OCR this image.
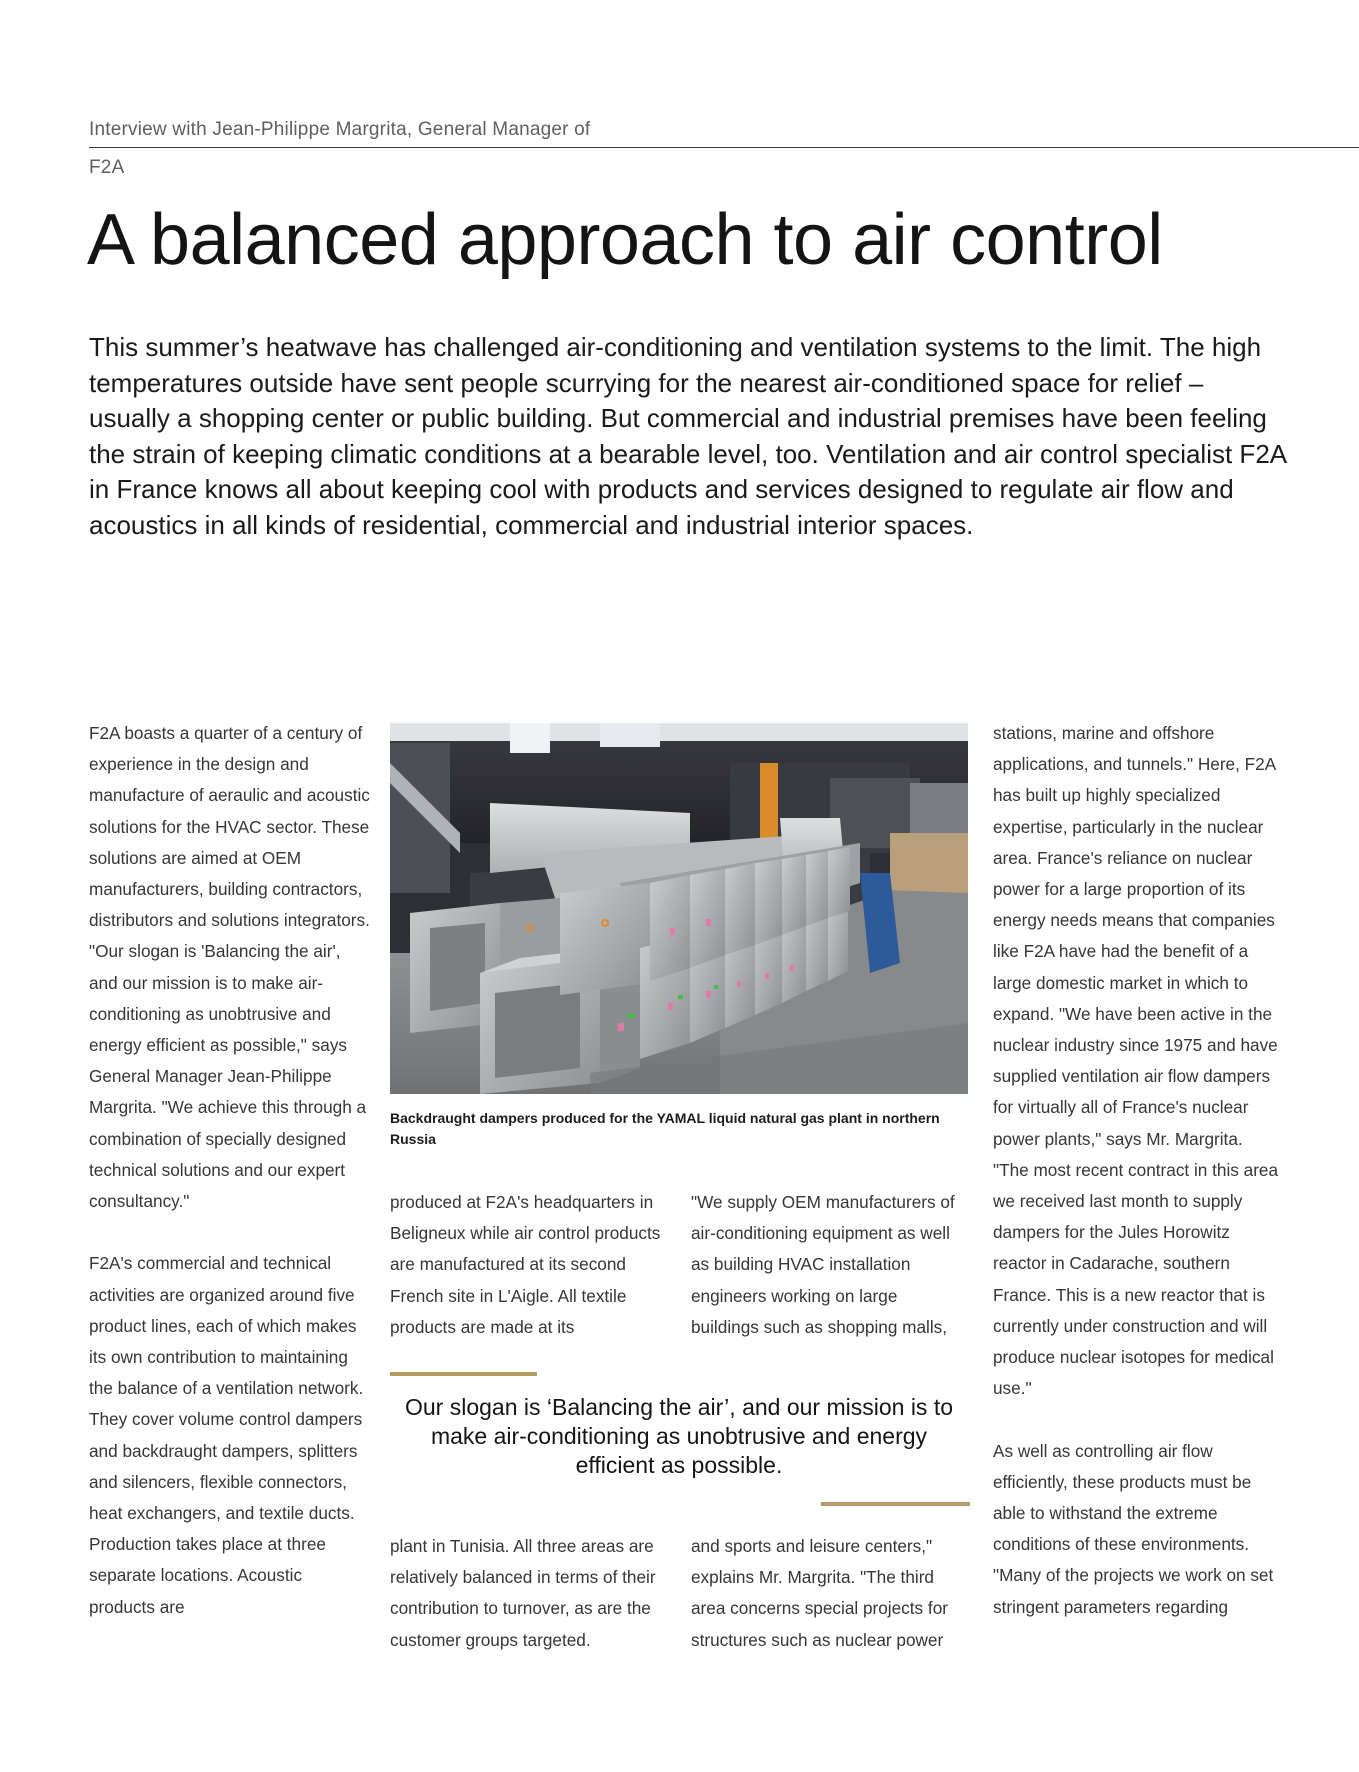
Interview with Jean-Philippe Margrita, General Manager of F2A
A balanced approach to air control
This summer’s heatwave has challenged air-conditioning and ventilation systems to the limit. The high temperatures outside have sent people scurrying for the nearest air-conditioned space for relief – usually a shopping center or public building. But commercial and industrial premises have been feeling the strain of keeping climatic conditions at a bearable level, too. Ventilation and air control specialist F2A in France knows all about keeping cool with products and services designed to regulate air flow and acoustics in all kinds of residential, commercial and industrial interior spaces.

F2A boasts a quarter of a century of experience in the design and manufacture of aeraulic and acoustic solutions for the HVAC sector. These solutions are aimed at OEM manufacturers, building contractors, distributors and solutions integrators. "Our slogan is 'Balancing the air', and our mission is to make air-conditioning as unobtrusive and energy efficient as possible," says General Manager Jean-Philippe Margrita. "We achieve this through a combination of specially designed technical solutions and our expert consultancy."

F2A's commercial and technical activities are organized around five product lines, each of which makes its own contribution to maintaining the balance of a ventilation network. They cover volume control dampers and backdraught dampers, splitters and silencers, flexible connectors, heat exchangers, and textile ducts. Production takes place at three separate locations. Acoustic products are

Backdraught dampers produced for the YAMAL liquid natural gas plant in northern Russia

produced at F2A's headquarters in Beligneux while air control products are manufactured at its second French site in L'Aigle. All textile products are made at its

"We supply OEM manufacturers of air-conditioning equipment as well as building HVAC installation engineers working on large buildings such as shopping malls,

Our slogan is ‘Balancing the air’, and our mission is to make air-conditioning as unobtrusive and energy efficient as possible.

plant in Tunisia. All three areas are relatively balanced in terms of their contribution to turnover, as are the customer groups targeted.

and sports and leisure centers," explains Mr. Margrita. "The third area concerns special projects for structures such as nuclear power

stations, marine and offshore applications, and tunnels." Here, F2A has built up highly specialized expertise, particularly in the nuclear area. France's reliance on nuclear power for a large proportion of its energy needs means that companies like F2A have had the benefit of a large domestic market in which to expand. "We have been active in the nuclear industry since 1975 and have supplied ventilation air flow dampers for virtually all of France's nuclear power plants," says Mr. Margrita. "The most recent contract in this area we received last month to supply dampers for the Jules Horowitz reactor in Cadarache, southern France. This is a new reactor that is currently under construction and will produce nuclear isotopes for medical use."

As well as controlling air flow efficiently, these products must be able to withstand the extreme conditions of these environments. "Many of the projects we work on set stringent parameters regarding
